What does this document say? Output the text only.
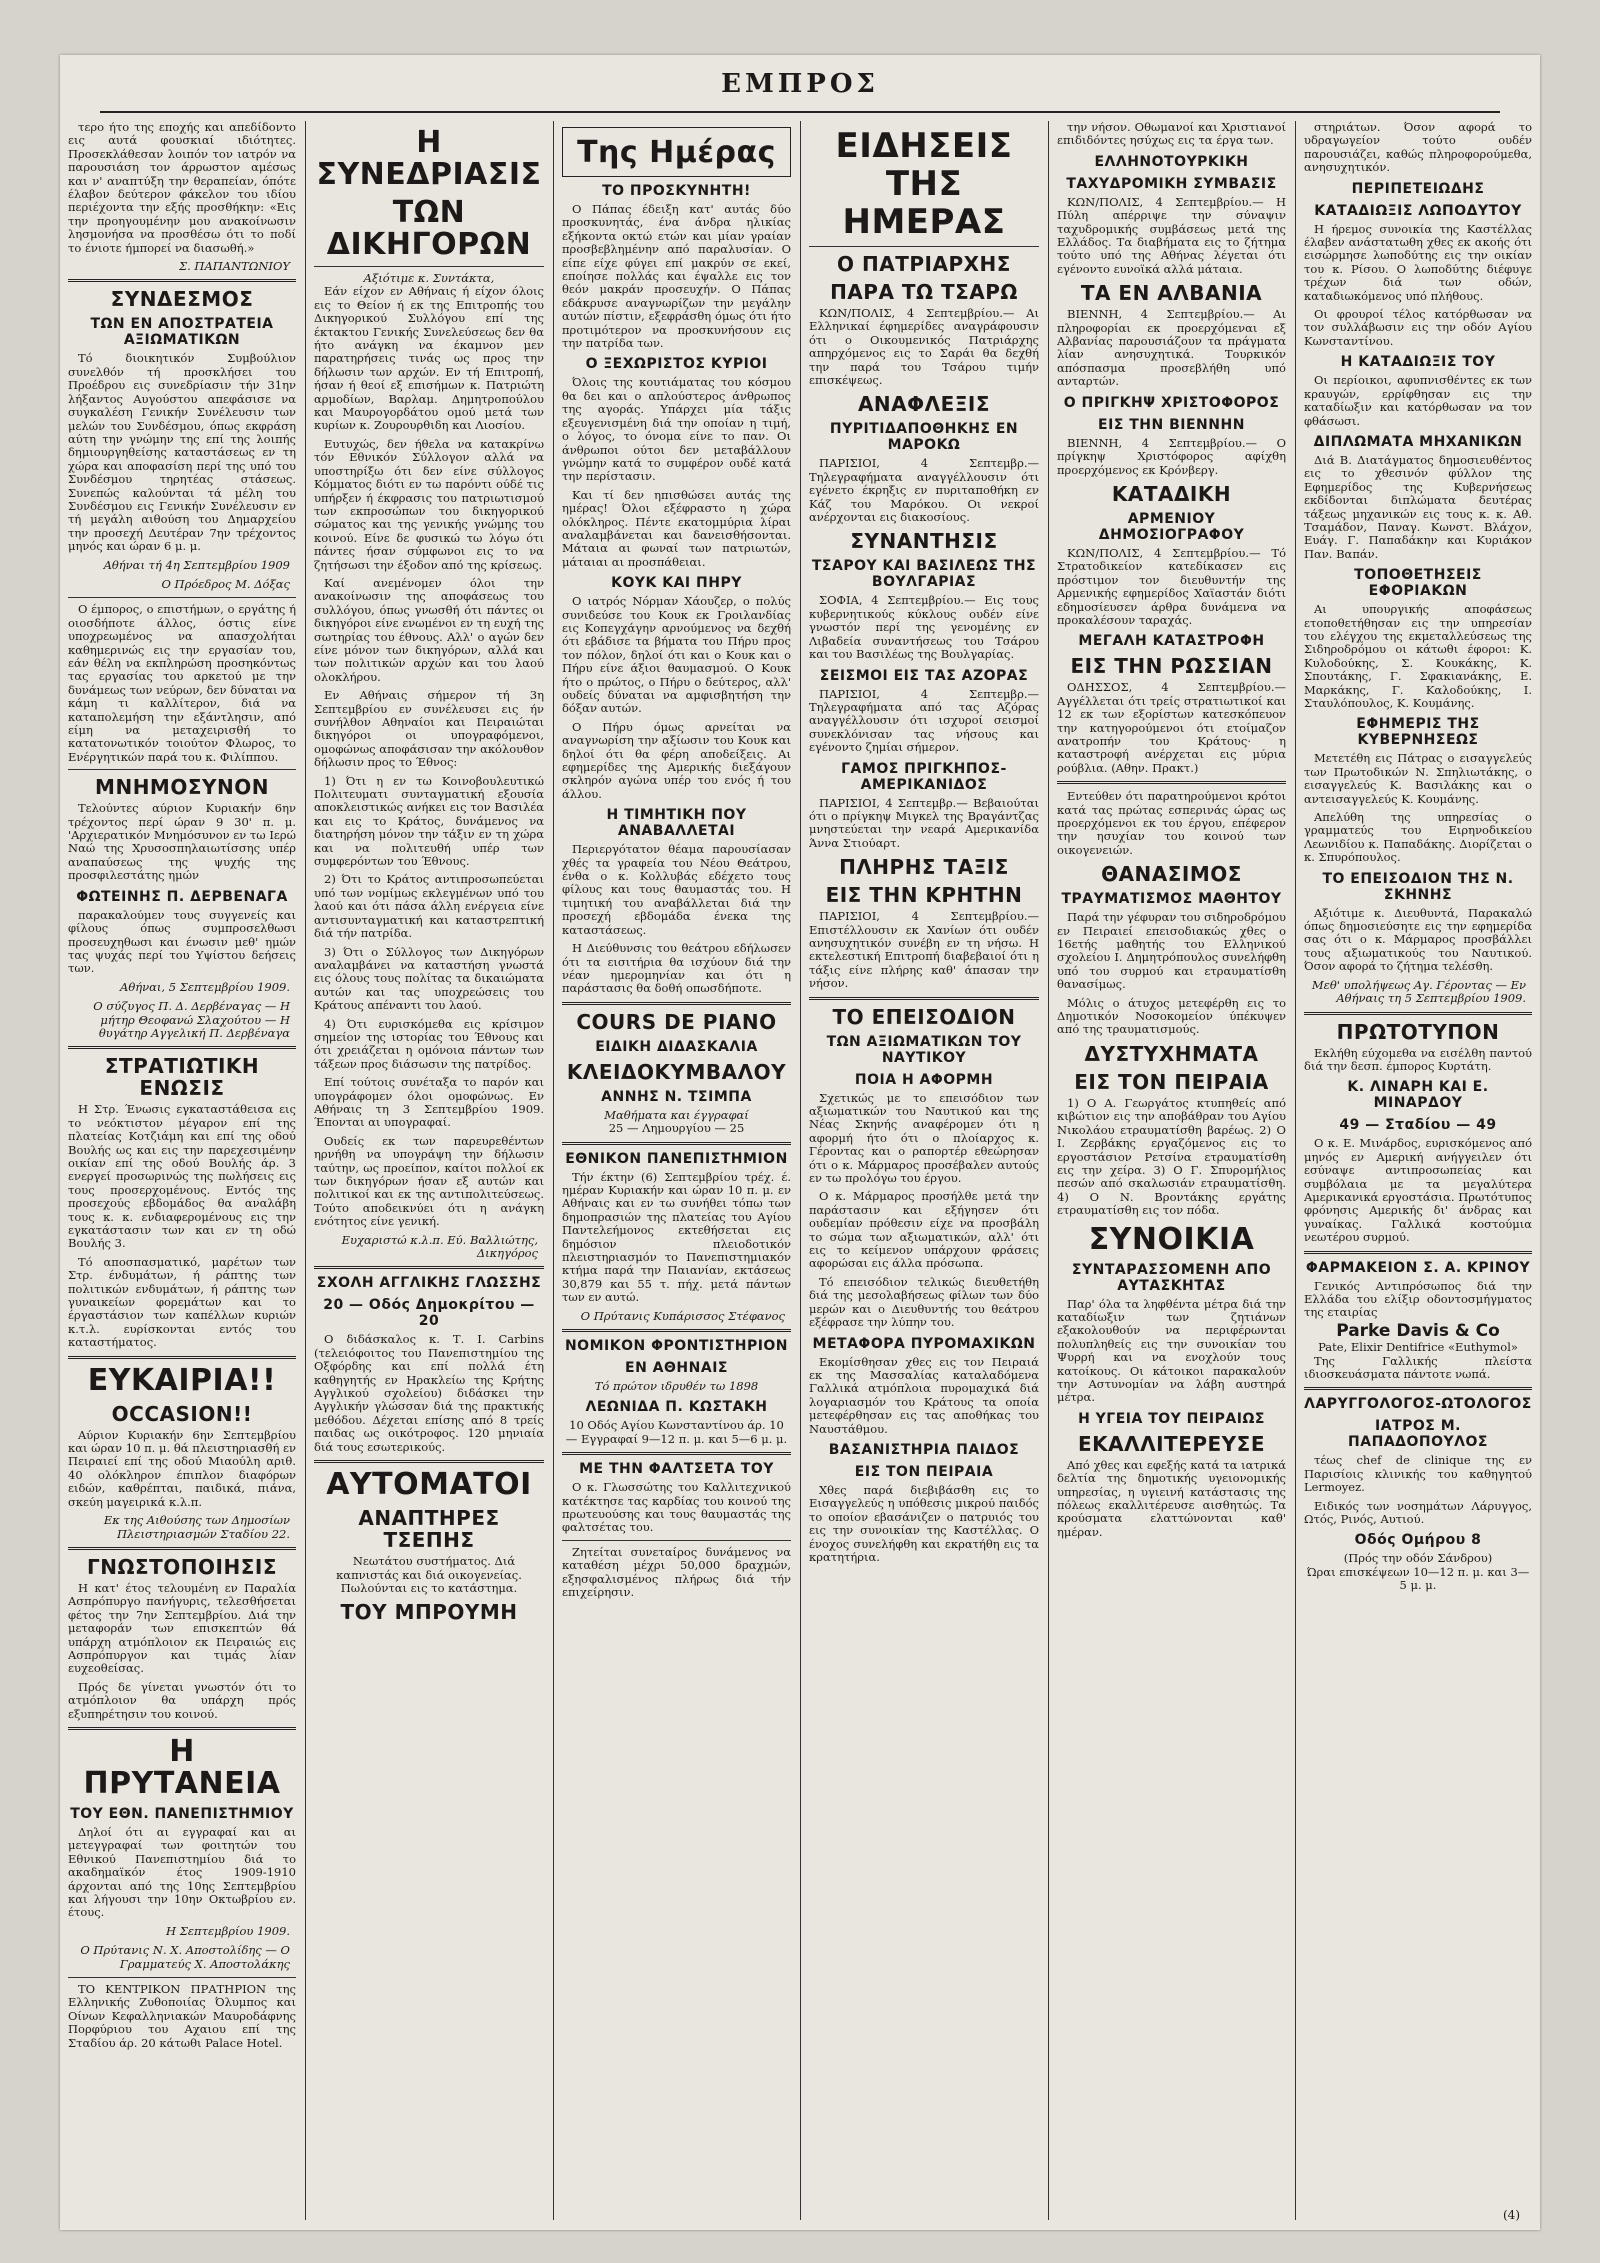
ΕΜΠΡΟΣ

τερο ήτο της εποχής και απεδίδοντο εις αυτά φουσκιαί ιδιότητες. Προσεκλάθεσαν λοιπόν τον ιατρόν να παρουσιάση τον άρρωστον αμέσως και ν' αναπτύξη την θεραπείαν, όπότε έλαβον δεύτερον φάκελον του ιδίου περιέχοντα την εξής προσθήκην: «Εις την προηγουμένην μου ανακοίνωσιν λησμονήσα να προσθέσω ότι το ποδί το ένιοτε ήμπορεί να διασωθή.»

Σ. ΠΑΠΑΝΤΩΝΙΟΥ
ΣΥΝΔΕΣΜΟΣ
ΤΩΝ ΕΝ ΑΠΟΣΤΡΑΤΕΙΑ ΑΞΙΩΜΑΤΙΚΩΝ

Τό διοικητικόν Συμβούλιον συνελθόν τή προσκλήσει του Προέδρου εις συνεδρίασιν τήν 31ην λήξαντος Αυγούστου απεφάσισε να συγκαλέση Γενικήν Συνέλευσιν των μελών του Συνδέσμου, όπως εκφράση αύτη την γνώμην της επί της λοιπής δημιουργηθείσης καταστάσεως εν τη χώρα και αποφασίση περί της υπό του Συνδέσμου τηρητέας στάσεως. Συνεπώς καλούνται τά μέλη του Συνδέσμου εις Γενικήν Συνέλευσιν εν τή μεγάλη αιθούση του Δημαρχείου την προσεχή Δευτέραν 7ην τρέχοντος μηνός και ώραν 6 μ. μ.

Αθήναι τή 4η Σεπτεμβρίου 1909
Ο Πρόεδρος Μ. Δόξας

Ο έμπορος, ο επιστήμων, ο εργάτης ή οιοσδήποτε άλλος, όστις είνε υποχρεωμένος να απασχολήται καθημερινώς εις την εργασίαν του, εάν θέλη να εκπληρώση προσηκόντως τας εργασίας του αρκετού με την δυνάμεως των νεύρων, δεν δύναται να κάμη τι καλλίτερον, διά να καταπολεμήση την εξάντλησιν, από είμη να μεταχειρισθή το κατατονωτικόν τοιούτον Φλωρος, το Ενέργητικών παρά του κ. Φιλίππου.

ΜΝΗΜΟΣΥΝΟΝ

Τελούντες αύριον Κυριακήν 6ην τρέχοντος περί ώραν 9 30' π. μ. 'Αρχιερατικόν Μνημόσυνον εν τω Ιερώ Ναώ της Χρυσοσπηλαιωτίσσης υπέρ αναπαύσεως της ψυχής της προσφιλεστάτης ημών

ΦΩΤΕΙΝΗΣ Π. ΔΕΡΒΕΝΑΓΑ

παρακαλούμεν τους συγγενείς και φίλους όπως συμπροσελθωσι προσευχηθωσι και ένωσιν μεθ' ημών τας ψυχάς περί του Υψίστου δεήσεις των.

Αθήναι, 5 Σεπτεμβρίου 1909.
Ο σύζυγος Π. Δ. Δερβέναγας — Η μήτηρ Θεοφανώ Σλαχούτου — Η θυγάτηρ Αγγελική Π. Δερβέναγα
ΣΤΡΑΤΙΩΤΙΚΗ ΕΝΩΣΙΣ

Η Στρ. Ένωσις εγκαταστάθεισα εις το νεόκτιστον μέγαρον επί της πλατείας Κοτζιάμη και επί της οδού Βουλής ως και εις την παρεχεσιμένην οικίαν επί της οδού Βουλής άρ. 3 ενεργεί προσωρινώς της πωλήσεις εις τους προσερχομένους. Εντός της προσεχούς εβδομάδος θα αναλάβη τους κ. κ. ενδιαφερομένους εις την εγκατάστασιν των και εν τη οδώ Βουλής 3.

Τό αποσπασματικό, μαρέτων των Στρ. ένδυμάτων, ή ράπτης των πολιτικών ενδυμάτων, ή ράπτης των γυναικείων φορεμάτων και το έργαστάσιον των καπέλλων κυριών κ.τ.λ. ευρίσκονται εντός του καταστήματος.

ΕΥΚΑΙΡΙΑ!!
OCCASION!!

Αύριον Κυριακήν 6ην Σεπτεμβρίου και ώραν 10 π. μ. θά πλειστηριασθή εν Πειραιεί επί της οδού Μιαούλη αριθ. 40 ολόκληρον έπιπλον διαφόρων ειδών, καθρέπται, παιδικά, πιάνα, σκεύη μαγειρικά κ.λ.π.

Εκ της Αιθούσης των Δημοσίων Πλειστηριασμών Σταδίου 22.
ΓΝΩΣΤΟΠΟΙΗΣΙΣ

Η κατ' έτος τελουμένη εν Παραλία Ασπρόπυργο πανήγυρις, τελεσθήσεται φέτος την 7ην Σεπτεμβρίου. Διά την μεταφοράν των επισκεπτών θά υπάρχη ατμόπλοιον εκ Πειραιώς εις Ασπρόπυργον και τιμάς λίαν ευχεοθείσας.

Πρός δε γίνεται γνωστόν ότι το ατμόπλοιον θα υπάρχη πρός εξυπηρέτησιν του κοινού.

Η ΠΡΥΤΑΝΕΙΑ
ΤΟΥ ΕΘΝ. ΠΑΝΕΠΙΣΤΗΜΙΟΥ

Δηλοί ότι αι εγγραφαί και αι μετεγγραφαί των φοιτητών του Εθνικού Πανεπιστημίου διά το ακαδημαϊκόν έτος 1909-1910 άρχονται από της 10ης Σεπτεμβρίου και λήγουσι την 10ην Οκτωβρίου εν. έτους.

Η Σεπτεμβρίου 1909.
Ο Πρύτανις Ν. Χ. Αποστολίδης — Ο Γραμματεύς Χ. Αποστολάκης

ΤΟ ΚΕΝΤΡΙΚΟΝ ΠΡΑΤΗΡΙΟΝ της Ελληνικής Ζυθοποιίας Όλυμπος και Οίνων Κεφαλληνιακών Μαυροδάφνης Πορφύριου του Αχαιου επί της Σταδίου άρ. 20 κάτωθι Palace Hotel.

Η ΣΥΝΕΔΡΙΑΣΙΣ
ΤΩΝ ΔΙΚΗΓΟΡΩΝ
Αξιότιμε κ. Συντάκτα,

Εάν είχον εν Αθήναις ή είχον όλοις εις το Θείον ή εκ της Επιτροπής του Δικηγορικού Συλλόγου επί της έκτακτου Γενικής Συνελεύσεως δεν θα ήτο ανάγκη να έκαμνον μεν παρατηρήσεις τινάς ως προς την δήλωσιν των αρχών. Εν τή Επιτροπή, ήσαν ή θεοί εξ επισήμων κ. Πατριώτη αρμοδίων, Βαρλαμ. Δημητροπούλου και Μαυρογορδάτου ομού μετά των κυρίων κ. Ζουρουρθιδη και Λιοσίου.

Ευτυχώς, δεν ήθελα να κατακρίνω τόν Εθνικόν Σύλλογον αλλά να υποστηρίξω ότι δεν είνε σύλλογος Κόμματος διότι εν τω παρόντι ούδέ τις υπήρξεν ή έκφρασις του πατριωτισμού των εκπροσώπων του δικηγορικού σώματος και της γενικής γνώμης του κοινού. Είνε δε φυσικώ τω λόγω ότι πάντες ήσαν σύμφωνοι εις το να ζητήσωσι την έξοδον από της κρίσεως.

Καί ανεμένομεν όλοι την ανακοίνωσιν της αποφάσεως του συλλόγου, όπως γνωσθή ότι πάντες οι δικηγόροι είνε ενωμένοι εν τη ευχή της σωτηρίας του έθνους. Αλλ' ο αγών δεν είνε μόνον των δικηγόρων, αλλά και των πολιτικών αρχών και του λαού ολοκλήρου.

Εν Αθήναις σήμερον τή 3η Σεπτεμβρίου εν συνέλευσει εις ήν συνήλθον Αθηναίοι και Πειραιώται δικηγόροι οι υπογραφόμενοι, ομοφώνως αποφάσισαν την ακόλουθον δήλωσιν προς το Έθνος:

1) Ότι η εν τω Κοινοβουλευτικώ Πολιτευματι συνταγματική εξουσία αποκλειστικώς ανήκει εις τον Βασιλέα και εις το Κράτος, δυνάμενος να διατηρήση μόνον την τάξιν εν τη χώρα και να πολιτευθή υπέρ των συμφερόντων του Έθνους.

2) Ότι το Κράτος αντιπροσωπεύεται υπό των νομίμως εκλεγμένων υπό του λαού και ότι πάσα άλλη ενέργεια είνε αντισυνταγματική και καταστρεπτική διά τήν πατρίδα.

3) Ότι ο Σύλλογος των Δικηγόρων αναλαμβάνει να καταστήση γνωστά εις όλους τους πολίτας τα δικαιώματα αυτών και τας υποχρεώσεις του Κράτους απέναντι του λαού.

4) Ότι ευρισκόμεθα εις κρίσιμον σημείον της ιστορίας του Έθνους και ότι χρειάζεται η ομόνοια πάντων των τάξεων προς διάσωσιν της πατρίδος.

Επί τούτοις συνέταξα το παρόν και υπογράφομεν όλοι ομοφώνως. Εν Αθήναις τη 3 Σεπτεμβρίου 1909. Έπονται αι υπογραφαί.

Ουδείς εκ των παρευρεθέντων ηρνήθη να υπογράψη την δήλωσιν ταύτην, ως προείπον, καίτοι πολλοί εκ των δικηγόρων ήσαν εξ αυτών και πολιτικοί και εκ της αντιπολιτεύσεως. Τούτο αποδεικνύει ότι η ανάγκη ενότητος είνε γενική.

Ευχαριστώ κ.λ.π. Εύ. Βαλλιώτης, Δικηγόρος
ΣΧΟΛΗ ΑΓΓΛΙΚΗΣ ΓΛΩΣΣΗΣ
20 — Οδός Δημοκρίτου — 20

Ο διδάσκαλος κ. Τ. Ι. Carbins (τελειόφοιτος του Πανεπιστημίου της Οξφόρδης και επί πολλά έτη καθηγητής εν Ηρακλείω της Κρήτης Αγγλικού σχολείου) διδάσκει την Αγγλικήν γλώσσαν διά της πρακτικής μεθόδου. Δέχεται επίσης από 8 τρείς παιδας ως οικότροφος. 120 μηνιαία διά τους εσωτερικούς.

ΑΥΤΟΜΑΤΟΙ
ΑΝΑΠΤΗΡΕΣ ΤΣΕΠΗΣ

Νεωτάτου συστήματος. Διά καπνιστάς και διά οικογενείας. Πωλούνται εις το κατάστημα.

ΤΟΥ ΜΠΡΟΥΜΗ
Της Ημέρας
ΤΟ ΠΡΟΣΚΥΝΗΤΗ!

Ο Πάπας έδειξη κατ' αυτάς δύο προσκυνητάς, ένα άνδρα ηλικίας εξήκοντα οκτώ ετών και μίαν γραίαν προσβεβλημένην από παραλυσίαν. Ο είπε είχε φύγει επί μακρύν σε εκεί, εποίησε πολλάς και έψαλλε εις τον θεόν μακράν προσευχήν. Ο Πάπας εδάκρυσε αναγνωρίζων την μεγάλην αυτών πίστιν, εξεφράσθη όμως ότι ήτο προτιμότερον να προσκυνήσουν εις την πατρίδα των.

Ο ΞΕΧΩΡΙΣΤΟΣ ΚΥΡΙΟΙ

Όλοις της κουτιάματας του κόσμου θα δει και ο απλούστερος άνθρωπος της αγοράς. Υπάρχει μία τάξις εξευγενισμένη διά την οποίαν η τιμή, ο λόγος, το όνομα είνε το παν. Οι άνθρωποι ούτοι δεν μεταβάλλουν γνώμην κατά το συμφέρον ουδέ κατά την περίστασιν.

Και τί δεν ηπισθώσει αυτάς της ημέρας! Όλοι εξέφραστο η χώρα ολόκληρος. Πέντε εκατομμύρια λίραι αναλαμβάνεται και δανεισθήσονται. Μάταια αι φωναί των πατριωτών, μάταιαι αι προσπάθειαι.

ΚΟΥΚ ΚΑΙ ΠΗΡΥ

Ο ιατρός Νόρμαν Χάουζερ, ο πολύς συνιδεύσε του Κουκ εκ Γροιλανδίας εις Κοπεγχάγην αρνούμενος να δεχθή ότι εβάδισε τα βήματα του Πήρυ προς τον πόλον, δηλοί ότι και ο Κουκ και ο Πήρυ είνε άξιοι θαυμασμού. Ο Κουκ ήτο ο πρώτος, ο Πήρυ ο δεύτερος, αλλ' ουδείς δύναται να αμφισβητήση την δόξαν αυτών.

Ο Πήρυ όμως αρνείται να αναγνωρίση την αξίωσιν του Κουκ και δηλοί ότι θα φέρη αποδείξεις. Αι εφημερίδες της Αμερικής διεξάγουν σκληρόν αγώνα υπέρ του ενός ή του άλλου.

Η ΤΙΜΗΤΙΚΗ ΠΟΥ ΑΝΑΒΑΛΛΕΤΑΙ

Περιεργότατον θέαμα παρουσίασαν χθές τα γραφεία του Νέου Θεάτρου, ένθα ο κ. Κολλυβάς εδέχετο τους φίλους και τους θαυμαστάς του. Η τιμητική του αναβάλλεται διά την προσεχή εβδομάδα ένεκα της καταστάσεως.

Η Διεύθυνσις του θεάτρου εδήλωσεν ότι τα εισιτήρια θα ισχύουν διά την νέαν ημερομηνίαν και ότι η παράστασις θα δοθή οπωσδήποτε.

COURS DE PIANO
ΕΙΔΙΚΗ ΔΙΔΑΣΚΑΛΙΑ
ΚΛΕΙΔΟΚΥΜΒΑΛΟΥ
ΑΝΝΗΣ Ν. ΤΣΙΜΠΑ
Μαθήματα και έγγραφαί
25 — Λημουργίου — 25
ΕΘΝΙΚΟΝ ΠΑΝΕΠΙΣΤΗΜΙΟΝ

Τήν έκτην (6) Σεπτεμβρίου τρέχ. έ. ημέραν Κυριακήν και ώραν 10 π. μ. εν Αθήναις και εν τω συνήθει τόπω των δημοπρασιών της πλατείας του Αγίου Παντελεήμονος εκτεθήσεται εις δημόσιον πλειοδοτικόν πλειστηριασμόν το Πανεπιστημιακόν κτήμα παρά την Παιανίαν, εκτάσεως 30,879 και 55 τ. πήχ. μετά πάντων των εν αυτώ.

Ο Πρύτανις Κυπάρισσος Στέφανος
ΝΟΜΙΚΟΝ ΦΡΟΝΤΙΣΤΗΡΙΟΝ
ΕΝ ΑΘΗΝΑΙΣ
Τό πρώτον ιδρυθέν τω 1898
ΛΕΩΝΙΔΑ Π. ΚΩΣΤΑΚΗ
10 Οδός Αγίου Κωνσταντίνου άρ. 10 — Εγγραφαί 9—12 π. μ. και 5—6 μ. μ.
ΜΕ ΤΗΝ ΦΑΛΤΣΕΤΑ ΤΟΥ

Ο κ. Γλωσσώτης του Καλλιτεχνικού κατέκτησε τας καρδίας του κοινού της πρωτευούσης και τους θαυμαστάς της φαλτσέτας του.

Ζητείται συνεταίρος δυνάμενος να καταθέση μέχρι 50,000 δραχμών, εξησφαλισμένος πλήρως διά τήν επιχείρησιν.

ΕΙΔΗΣΕΙΣ ΤΗΣ ΗΜΕΡΑΣ
Ο ΠΑΤΡΙΑΡΧΗΣ
ΠΑΡΑ ΤΩ ΤΣΑΡΩ

ΚΩΝ/ΠΟΛΙΣ, 4 Σεπτεμβρίου.— Αι Ελληνικαί έφημερίδες αναγράφουσιν ότι ο Οικουμενικός Πατριάρχης απηρχόμενος εις το Σαράι θα δεχθή την παρά του Τσάρου τιμήν επισκέψεως.

ΑΝΑΦΛΕΞΙΣ
ΠΥΡΙΤΙΔΑΠΟΘΗΚΗΣ ΕΝ ΜΑΡΟΚΩ

ΠΑΡΙΣΙΟΙ, 4 Σεπτεμβρ.— Τηλεγραφήματα αναγγέλλουσιν ότι εγένετο έκρηξις εν πυριταποθήκη εν Κάζ του Μαρόκου. Οι νεκροί ανέρχονται εις διακοσίους.

ΣΥΝΑΝΤΗΣΙΣ
ΤΣΑΡΟΥ ΚΑΙ ΒΑΣΙΛΕΩΣ ΤΗΣ ΒΟΥΛΓΑΡΙΑΣ

ΣΟΦΙΑ, 4 Σεπτεμβρίου.— Εις τους κυβερνητικούς κύκλους ουδέν είνε γνωστόν περί της γενομένης εν Λιβαδεία συναντήσεως του Τσάρου και του Βασιλέως της Βουλγαρίας.

ΣΕΙΣΜΟΙ ΕΙΣ ΤΑΣ ΑΖΟΡΑΣ

ΠΑΡΙΣΙΟΙ, 4 Σεπτεμβρ.— Τηλεγραφήματα από τας Αζόρας αναγγέλλουσιν ότι ισχυροί σεισμοί συνεκλόνισαν τας νήσους και εγένοντο ζημίαι σήμερον.

ΓΑΜΟΣ ΠΡΙΓΚΗΠΟΣ-ΑΜΕΡΙΚΑΝΙΔΟΣ

ΠΑΡΙΣΙΟΙ, 4 Σεπτεμβρ.— Βεβαιούται ότι ο πρίγκηψ Μιγκελ της Βραγάντζας μνηστεύεται την νεαρά Αμερικανίδα Άννα Στιούαρτ.

ΠΛΗΡΗΣ ΤΑΞΙΣ
ΕΙΣ ΤΗΝ ΚΡΗΤΗΝ

ΠΑΡΙΣΙΟΙ, 4 Σεπτεμβρίου.— Επιστέλλουσιν εκ Χανίων ότι ουδέν ανησυχητικόν συνέβη εν τη νήσω. Η εκτελεστική Επιτροπή διαβεβαιοί ότι η τάξις είνε πλήρης καθ' άπασαν την νήσον.

ΤΟ ΕΠΕΙΣΟΔΙΟΝ
ΤΩΝ ΑΞΙΩΜΑΤΙΚΩΝ ΤΟΥ ΝΑΥΤΙΚΟΥ
ΠΟΙΑ Η ΑΦΟΡΜΗ

Σχετικώς με το επεισόδιον των αξιωματικών του Ναυτικού και της Νέας Σκηνής αναφέρομεν ότι η αφορμή ήτο ότι ο πλοίαρχος κ. Γέροντας και ο ραπορτέρ εθεώρησαν ότι ο κ. Μάρμαρος προσέβαλεν αυτούς εν τω προλόγω του έργου.

Ο κ. Μάρμαρος προσήλθε μετά την παράστασιν και εξήγησεν ότι ουδεμίαν πρόθεσιν είχε να προσβάλη το σώμα των αξιωματικών, αλλ' ότι εις το κείμενον υπάρχουν φράσεις αφορώσαι εις άλλα πρόσωπα.

Τό επεισόδιον τελικώς διευθετήθη διά της μεσολαβήσεως φίλων των δύο μερών και ο Διευθυντής του θεάτρου εξέφρασε την λύπην του.

ΜΕΤΑΦΟΡΑ ΠΥΡΟΜΑΧΙΚΩΝ

Εκομίσθησαν χθες εις τον Πειραιά εκ της Μασσαλίας καταλαδόμενα Γαλλικά ατμόπλοια πυρομαχικά διά λογαριασμόν του Κράτους τα οποία μετεφέρθησαν εις τας αποθήκας του Ναυστάθμου.

ΒΑΣΑΝΙΣΤΗΡΙΑ ΠΑΙΔΟΣ
ΕΙΣ ΤΟΝ ΠΕΙΡΑΙΑ

Χθες παρά διεβιβάσθη εις το Εισαγγελεύς η υπόθεσις μικρού παιδός το οποίον εβασάνιζεν ο πατρυιός του εις την συνοικίαν της Καστέλλας. Ο ένοχος συνελήφθη και εκρατήθη εις τα κρατητήρια.

την νήσον. Οθωμανοί και Χριστιανοί επιδιδόντες ησύχως εις τα έργα των.

ΕΛΛΗΝΟΤΟΥΡΚΙΚΗ
ΤΑΧΥΔΡΟΜΙΚΗ ΣΥΜΒΑΣΙΣ

ΚΩΝ/ΠΟΛΙΣ, 4 Σεπτεμβρίου.— Η Πύλη απέρριψε την σύναψιν ταχυδρομικής συμβάσεως μετά της Ελλάδος. Τα διαβήματα εις το ζήτημα τούτο υπό της Αθήνας λέγεται ότι εγένοντο ευνοϊκά αλλά μάταια.

ΤΑ ΕΝ ΑΛΒΑΝΙΑ

ΒΙΕΝΝΗ, 4 Σεπτεμβρίου.— Αι πληροφορίαι εκ προερχόμεναι εξ Αλβανίας παρουσιάζουν τα πράγματα λίαν ανησυχητικά. Τουρκικόν απόσπασμα προσεβλήθη υπό ανταρτών.

Ο ΠΡΙΓΚΗΨ ΧΡΙΣΤΟΦΟΡΟΣ
ΕΙΣ ΤΗΝ ΒΙΕΝΝΗΝ

ΒΙΕΝΝΗ, 4 Σεπτεμβρίου.— Ο πρίγκηψ Χριστόφορος αφίχθη προερχόμενος εκ Κρόνβεργ.

ΚΑΤΑΔΙΚΗ
ΑΡΜΕΝΙΟΥ ΔΗΜΟΣΙΟΓΡΑΦΟΥ

ΚΩΝ/ΠΟΛΙΣ, 4 Σεπτεμβρίου.— Τό Στρατοδικείον κατεδίκασεν εις πρόστιμον τον διευθυντήν της Αρμενικής εφημερίδος Χαϊαστάν διότι εδημοσίευσεν άρθρα δυνάμενα να προκαλέσουν ταραχάς.

ΜΕΓΑΛΗ ΚΑΤΑΣΤΡΟΦΗ
ΕΙΣ ΤΗΝ ΡΩΣΣΙΑΝ

ΟΔΗΣΣΟΣ, 4 Σεπτεμβρίου.— Αγγέλλεται ότι τρείς στρατιωτικοί και 12 εκ των εξορίστων κατεσκόπευον την κατηγορούμενοι ότι ετοίμαζον ανατροπήν του Κράτους· η καταστροφή ανέρχεται εις μύρια ρούβλια. (Αθην. Πρακτ.)

Εντεύθεν ότι παρατηρούμενοι κρότοι κατά τας πρώτας εσπερινάς ώρας ως προερχόμενοι εκ του έργου, επέφερον την ησυχίαν του κοινού των οικογενειών.

ΘΑΝΑΣΙΜΟΣ
ΤΡΑΥΜΑΤΙΣΜΟΣ ΜΑΘΗΤΟΥ

Παρά την γέφυραν του σιδηροδρόμου εν Πειραιεί επεισοδιακώς χθες ο 16ετής μαθητής του Ελληνικού σχολείου Ι. Δημητρόπουλος συνελήφθη υπό του συρμού και ετραυματίσθη θανασίμως.

Μόλις ο άτυχος μετεφέρθη εις το Δημοτικόν Νοσοκομείον ύπέκυψεν από της τραυματισμούς.

ΔΥΣΤΥΧΗΜΑΤΑ
ΕΙΣ ΤΟΝ ΠΕΙΡΑΙΑ

1) Ο Α. Γεωργάτος κτυπηθείς από κιβώτιον εις την αποβάθραν του Αγίου Νικολάου ετραυματίσθη βαρέως. 2) Ο Ι. Ζερβάκης εργαζόμενος εις το εργοστάσιον Ρετσίνα ετραυματίσθη εις την χείρα. 3) Ο Γ. Σπυρομήλιος πεσών από σκαλωσιάν ετραυματίσθη. 4) Ο Ν. Βροντάκης εργάτης ετραυματίσθη εις τον πόδα.

ΣΥΝΟΙΚΙΑ
ΣΥΝΤΑΡΑΣΣΟΜΕΝΗ ΑΠΟ ΑΥΤΑΣΚΗΤΑΣ

Παρ' όλα τα ληφθέντα μέτρα διά την καταδίωξιν των ζητιάνων εξακολουθούν να περιφέρωνται πολυπληθείς εις την συνοικίαν του Ψυρρή και να ενοχλούν τους κατοίκους. Οι κάτοικοι παρακαλούν την Αστυνομίαν να λάβη αυστηρά μέτρα.

Η ΥΓΕΙΑ ΤΟΥ ΠΕΙΡΑΙΩΣ
ΕΚΑΛΛΙΤΕΡΕΥΣΕ

Από χθες και εφεξής κατά τα ιατρικά δελτία της δημοτικής υγειονομικής υπηρεσίας, η υγιεινή κατάστασις της πόλεως εκαλλιτέρευσε αισθητώς. Τα κρούσματα ελαττώνονται καθ' ημέραν.

στηριάτων. Όσον αφορά το υδραγωγείον τούτο ουδέν παρουσιάζει, καθώς πληροφορούμεθα, ανησυχητικόν.

ΠΕΡΙΠΕΤΕΙΩΔΗΣ
ΚΑΤΑΔΙΩΞΙΣ ΛΩΠΟΔΥΤΟΥ

Η ήρεμος συνοικία της Καστέλλας έλαβεν ανάστατωθη χθες εκ ακοής ότι εισώρμησε λωποδύτης εις την οικίαν του κ. Ρίσου. Ο λωποδύτης διέφυγε τρέχων διά των οδών, καταδιωκόμενος υπό πλήθους.

Οι φρουροί τέλος κατόρθωσαν να τον συλλάβωσιν εις την οδόν Αγίου Κωνσταντίνου.

Η ΚΑΤΑΔΙΩΞΙΣ ΤΟΥ

Οι περίοικοι, αφυπνισθέντες εκ των κραυγών, ερρίφθησαν εις την καταδίωξιν και κατόρθωσαν να τον φθάσωσι.

ΔΙΠΛΩΜΑΤΑ ΜΗΧΑΝΙΚΩΝ

Διά Β. Διατάγματος δημοσιευθέντος εις το χθεσινόν φύλλον της Εφημερίδος της Κυβερνήσεως εκδίδονται διπλώματα δευτέρας τάξεως μηχανικών εις τους κ. κ. Αθ. Τσαμάδον, Παναγ. Κωνστ. Βλάχον, Ευάγ. Γ. Παπαδάκην και Κυριάκον Παν. Βαπάν.

ΤΟΠΟΘΕΤΗΣΕΙΣ ΕΦΟΡΙΑΚΩΝ

Αι υπουργικής αποφάσεως ετοποθετήθησαν εις την υπηρεσίαν του ελέγχου της εκμεταλλεύσεως της Σιδηροδρόμου οι κάτωθι έφοροι: Κ. Κυλοδούκης, Σ. Κουκάκης, Κ. Σπουτάκης, Γ. Σφακιανάκης, Ε. Μαρκάκης, Γ. Καλοδούκης, Ι. Σταυλόπουλος, Κ. Κουμάνης.

ΕΦΗΜΕΡΙΣ ΤΗΣ ΚΥΒΕΡΝΗΣΕΩΣ

Μετετέθη εις Πάτρας ο εισαγγελεύς των Πρωτοδικών Ν. Σπηλιωτάκης, ο εισαγγελεύς Κ. Βασιλάκης και ο αντεισαγγελεύς Κ. Κουμάνης.

Απελύθη της υπηρεσίας ο γραμματεύς του Ειρηνοδικείου Λεωνιδίου κ. Παπαδάκης. Διορίζεται ο κ. Σπυρόπουλος.

ΤΟ ΕΠΕΙΣΟΔΙΟΝ ΤΗΣ Ν. ΣΚΗΝΗΣ

Αξιότιμε κ. Διευθυντά, Παρακαλώ όπως δημοσιεύσητε εις την εφημερίδα σας ότι ο κ. Μάρμαρος προσβάλλει τους αξιωματικούς του Ναυτικού. Όσον αφορά το ζήτημα τελέσθη.

Μεθ' υπολήψεως Αγ. Γέροντας — Εν Αθήναις τη 5 Σεπτεμβρίου 1909.
ΠΡΩΤΟΤΥΠΟΝ

Εκλήθη εύχομεθα να εισέλθη παντού διά την δεσπ. έμπορος Κυρτάτη.

Κ. ΛΙΝΑΡΗ ΚΑΙ Ε. ΜΙΝΑΡΔΟΥ
49 — Σταδίου — 49

Ο κ. Ε. Μινάρδος, ευρισκόμενος από μηνός εν Αμερική ανήγγειλεν ότι εσύναψε αντιπροσωπείας και συμβόλαια με τα μεγαλύτερα Αμερικανικά εργοστάσια. Πρωτότυπος φρόνησις Αμερικής δι' άνδρας και γυναίκας. Γαλλικά κοστούμια νεωτέρου συρμού.

ΦΑΡΜΑΚΕΙΟΝ Σ. Α. ΚΡΙΝΟΥ

Γενικός Αντιπρόσωπος διά την Ελλάδα του ελίξιρ οδοντοσμήγματος της εταιρίας

Parke Davis & Co
Pate, Elixir Dentifrice «Euthymol»

Της Γαλλικής πλείστα ιδιοσκευάσματα πάντοτε νωπά.

ΛΑΡΥΓΓΟΛΟΓΟΣ-ΩΤΟΛΟΓΟΣ
ΙΑΤΡΟΣ Μ. ΠΑΠΑΔΟΠΟΥΛΟΣ

τέως chef de clinique της εν Παρισίοις κλινικής του καθηγητού Lermoyez.

Ειδικός των νοσημάτων Λάρυγγος, Ωτός, Ρινός, Αυτιού.

Οδός Ομήρου 8
(Πρός την οδόν Σάνδρου)
Ώραι επισκέψεων 10—12 π. μ. και 3—5 μ. μ.
(4)
